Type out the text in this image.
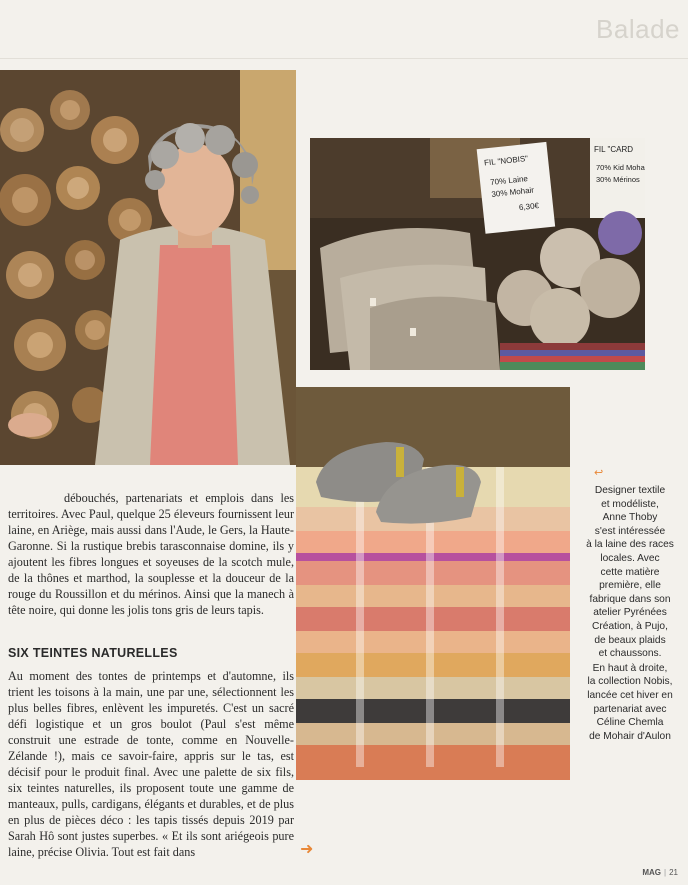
Balade
FIL "NOBIS"
70% Laine
30% Mohair
6,30€
FIL "CARD
70% Kid Moha
30% Mérinos
débouchés, partenariats et emplois dans les territoires. Avec Paul, quelque 25 éleveurs fournissent leur laine, en Ariège, mais aussi dans l'Aude, le Gers, la Haute-Garonne. Si la rustique brebis tarasconnaise domine, ils y ajoutent les fibres longues et soyeuses de la scotch mule, de la thônes et marthod, la souplesse et la douceur de la rouge du Roussillon et du mérinos. Ainsi que la manech à tête noire, qui donne les jolis tons gris de leurs tapis.
SIX TEINTES NATURELLES
Au moment des tontes de printemps et d'automne, ils trient les toisons à la main, une par une, sélectionnent les plus belles fibres, enlèvent les impuretés. C'est un sacré défi logistique et un gros boulot (Paul s'est même construit une estrade de tonte, comme en Nouvelle-Zélande !), mais ce savoir-faire, appris sur le tas, est décisif pour le produit final. Avec une palette de six fils, six teintes naturelles, ils proposent toute une gamme de manteaux, pulls, cardigans, élégants et durables, et de plus en plus de pièces déco : les tapis tissés depuis 2019 par Sarah Hô sont justes superbes. « Et ils sont ariégeois pure laine, précise Olivia. Tout est fait dans
↩

Designer textile
et modéliste,
Anne Thoby
s'est intéressée
à la laine des races
locales. Avec
cette matière
première, elle
fabrique dans son
atelier Pyrénées
Création, à Pujo,
de beaux plaids
et chaussons.

En haut à droite,
la collection Nobis,
lancée cet hiver en
partenariat avec
Céline Chemla
de Mohair d'Aulon

➜
MAG | 21
